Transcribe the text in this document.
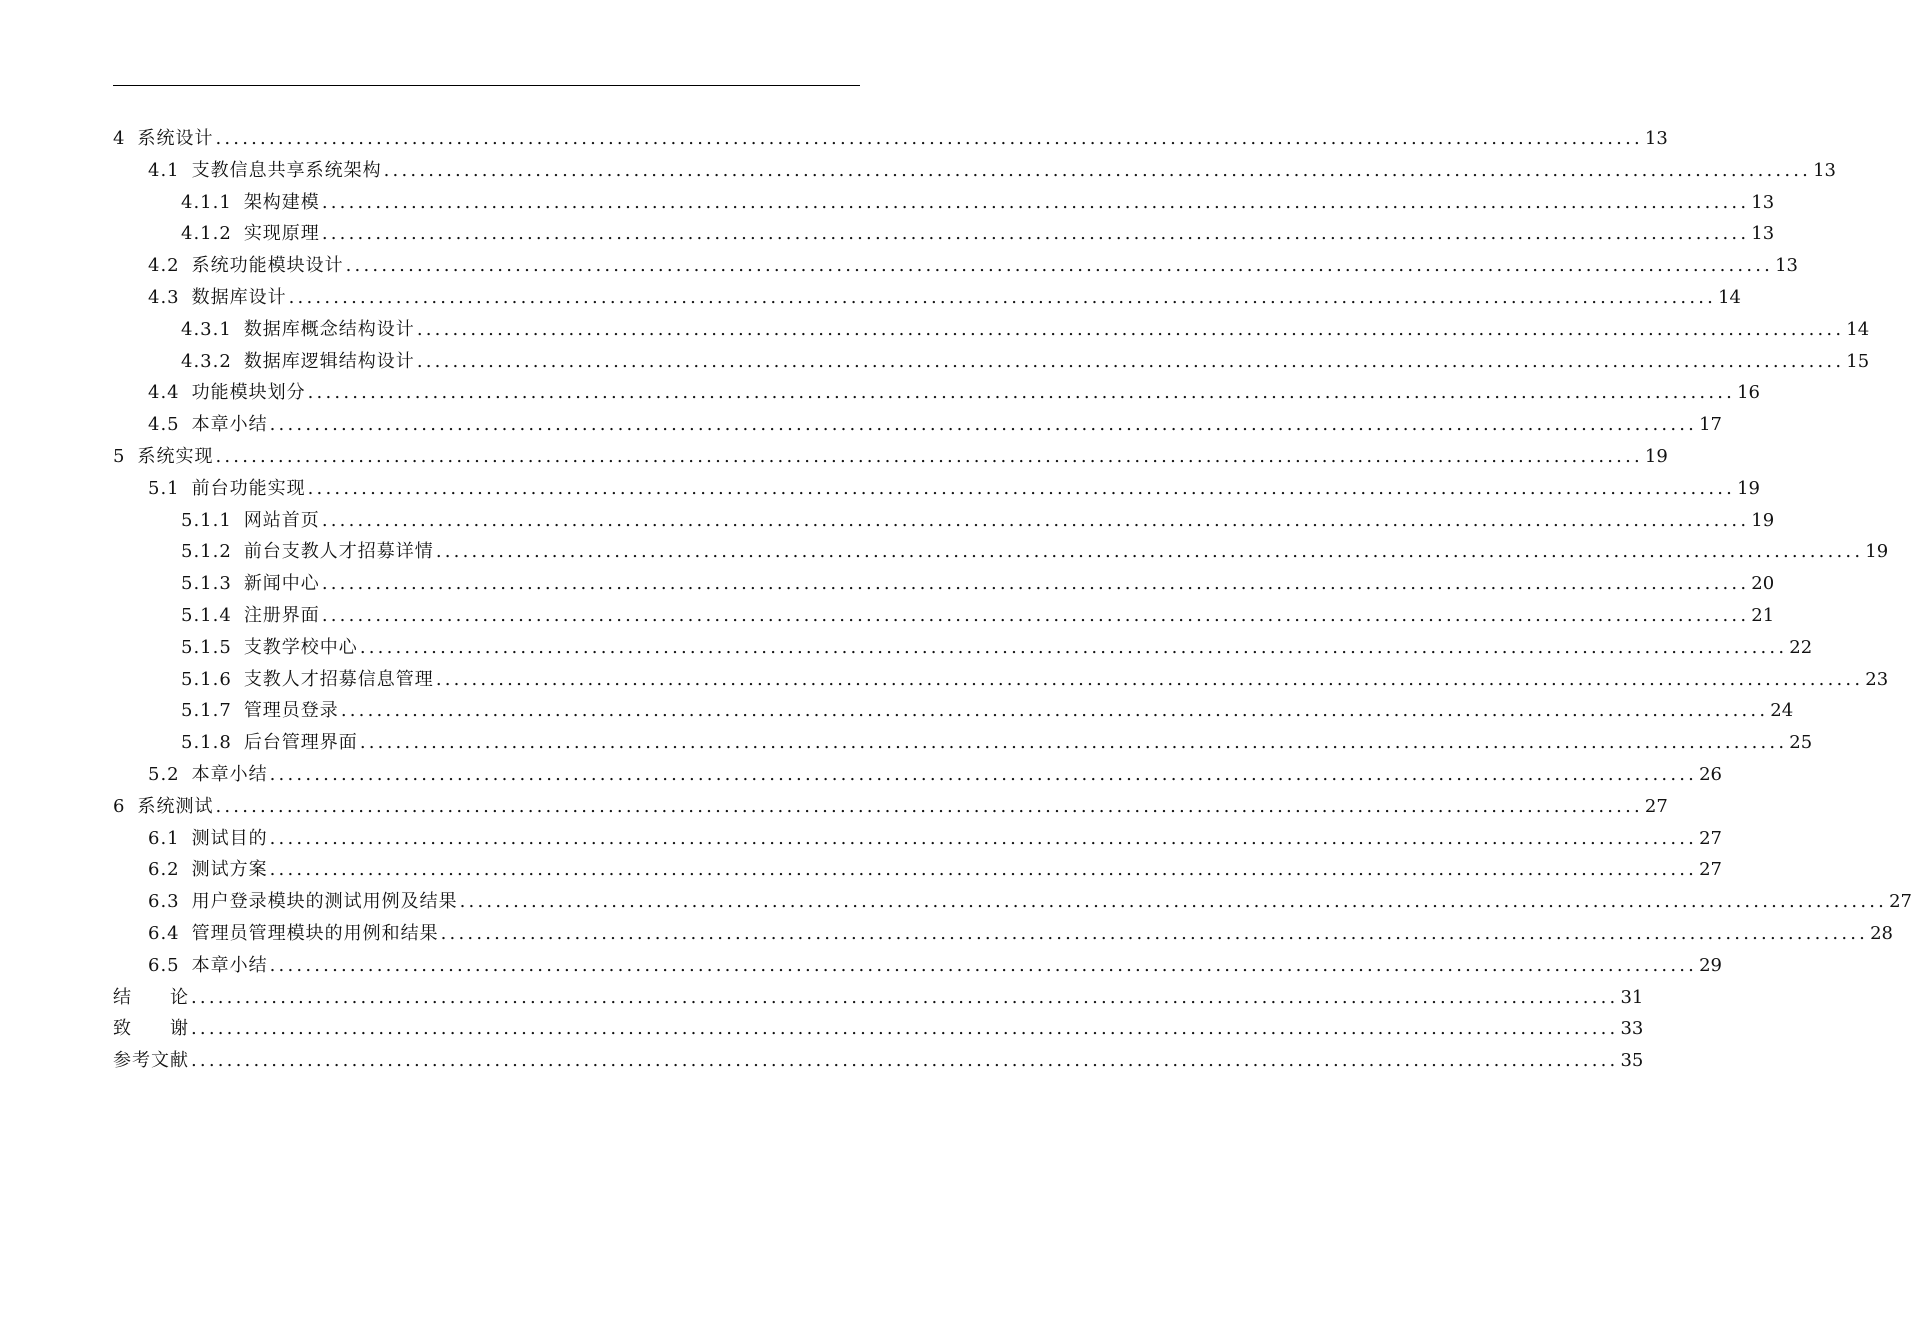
4 系统设计 ................................................................................................................................................................ 13
4.1 支教信息共享系统架构 ................................................................................................................................................................ 13
4.1.1 架构建模 ................................................................................................................................................................ 13
4.1.2 实现原理 ................................................................................................................................................................ 13
4.2 系统功能模块设计 ................................................................................................................................................................ 13
4.3 数据库设计 ................................................................................................................................................................ 14
4.3.1 数据库概念结构设计 ................................................................................................................................................................ 14
4.3.2 数据库逻辑结构设计 ................................................................................................................................................................ 15
4.4 功能模块划分 ................................................................................................................................................................ 16
4.5 本章小结 ................................................................................................................................................................ 17
5 系统实现 ................................................................................................................................................................ 19
5.1 前台功能实现 ................................................................................................................................................................ 19
5.1.1 网站首页 ................................................................................................................................................................ 19
5.1.2 前台支教人才招募详情 ................................................................................................................................................................ 19
5.1.3 新闻中心 ................................................................................................................................................................ 20
5.1.4 注册界面 ................................................................................................................................................................ 21
5.1.5 支教学校中心 ................................................................................................................................................................ 22
5.1.6 支教人才招募信息管理 ................................................................................................................................................................ 23
5.1.7 管理员登录 ................................................................................................................................................................ 24
5.1.8 后台管理界面 ................................................................................................................................................................ 25
5.2 本章小结 ................................................................................................................................................................ 26
6 系统测试 ................................................................................................................................................................ 27
6.1 测试目的 ................................................................................................................................................................ 27
6.2 测试方案 ................................................................................................................................................................ 27
6.3 用户登录模块的测试用例及结果 ................................................................................................................................................................ 27
6.4 管理员管理模块的用例和结果 ................................................................................................................................................................ 28
6.5 本章小结 ................................................................................................................................................................ 29
结　　论 ................................................................................................................................................................ 31
致　　谢 ................................................................................................................................................................ 33
参考文献 ................................................................................................................................................................ 35
